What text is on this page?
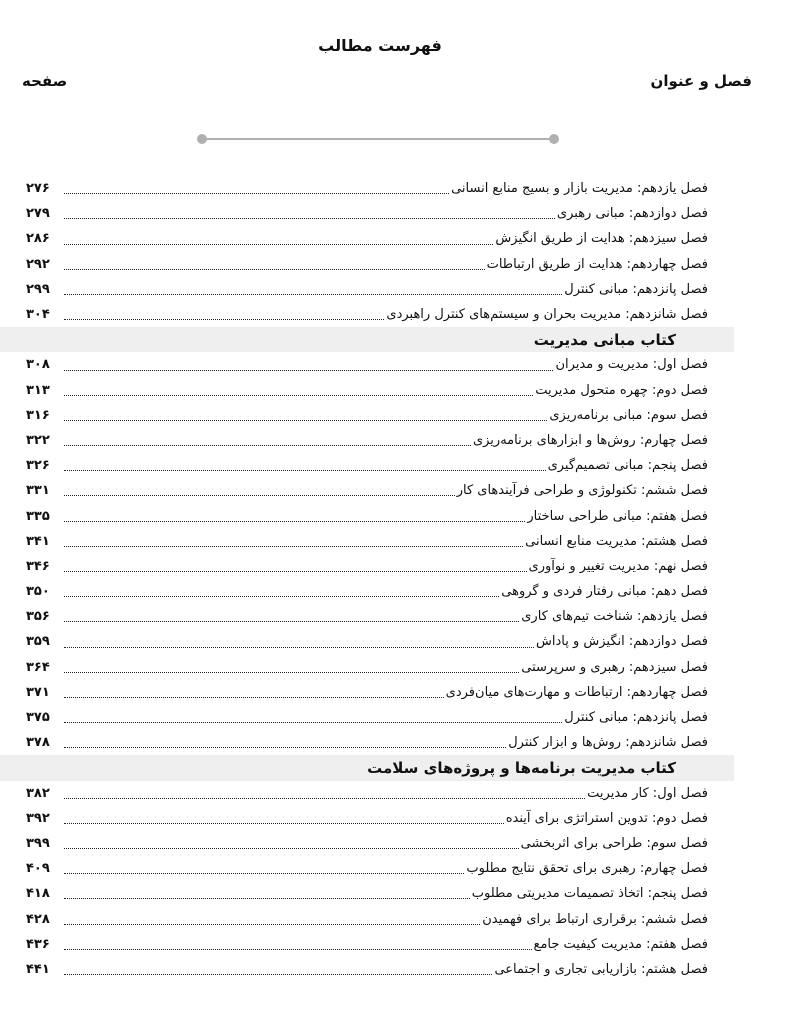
فهرست مطالب
فصل و عنوان
صفحه
فصل یازدهم: مدیریت بازار و بسیج منابع انسانی
۲۷۶
فصل دوازدهم: مبانی رهبری
۲۷۹
فصل سیزدهم: هدایت از طریق انگیزش
۲۸۶
فصل چهاردهم: هدایت از طریق ارتباطات
۲۹۲
فصل پانزدهم: مبانی کنترل
۲۹۹
فصل شانزدهم: مدیریت بحران و سیستم‌های کنترل راهبردی
۳۰۴
کتاب مبانی مدیریت
فصل اول: مدیریت و مدیران
۳۰۸
فصل دوم: چهره متحول مدیریت
۳۱۳
فصل سوم: مبانی برنامه‌ریزی
۳۱۶
فصل چهارم: روش‌ها و ابزارهای برنامه‌ریزی
۳۲۲
فصل پنجم: مبانی تصمیم‌گیری
۳۲۶
فصل ششم: تکنولوژی و طراحی فرآیندهای کار
۳۳۱
فصل هفتم: مبانی طراحی ساختار
۳۳۵
فصل هشتم: مدیریت منابع انسانی
۳۴۱
فصل نهم: مدیریت تغییر و نوآوری
۳۴۶
فصل دهم: مبانی رفتار فردی و گروهی
۳۵۰
فصل یازدهم: شناخت تیم‌های کاری
۳۵۶
فصل دوازدهم: انگیزش و پاداش
۳۵۹
فصل سیزدهم: رهبری و سرپرستی
۳۶۴
فصل چهاردهم: ارتباطات و مهارت‌های میان‌فردی
۳۷۱
فصل پانزدهم: مبانی کنترل
۳۷۵
فصل شانزدهم: روش‌ها و ابزار کنترل
۳۷۸
کتاب مدیریت برنامه‌ها و پروژه‌های سلامت
فصل اول: کار مدیریت
۳۸۲
فصل دوم: تدوین استراتژی برای آینده
۳۹۲
فصل سوم: طراحی برای اثربخشی
۳۹۹
فصل چهارم: رهبری برای تحقق نتایج مطلوب
۴۰۹
فصل پنجم: اتخاذ تصمیمات مدیریتی مطلوب
۴۱۸
فصل ششم: برقراری ارتباط برای فهمیدن
۴۲۸
فصل هفتم: مدیریت کیفیت جامع
۴۳۶
فصل هشتم: بازاریابی تجاری و اجتماعی
۴۴۱
